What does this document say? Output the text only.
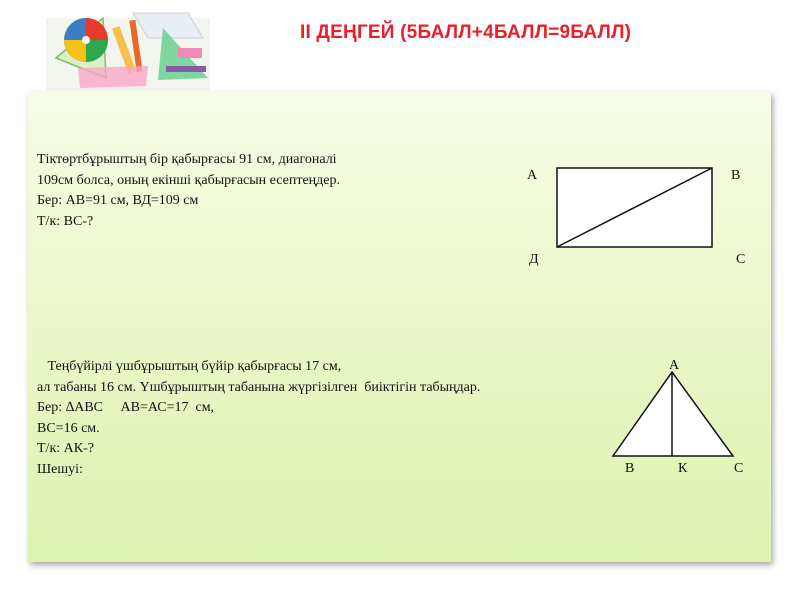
II ДЕҢГЕЙ (5БАЛЛ+4БАЛЛ=9БАЛЛ)
Тіктөртбұрыштың бір қабырғасы 91 см, диагоналі
109см болса, оның екінші қабырғасын есептеңдер.
Бер: АВ=91 см, ВД=109 см
Т/к: ВС-?
А	В
Д	С
Теңбүйірлі үшбұрыштың бүйір қабырғасы 17 см,
ал табаны 16 см. Үшбұрыштың табанына жүргізілген  биіктігін табыңдар.
Бер: ∆АВС     АВ=АС=17  см,
ВС=16 см.
Т/к: АК-?
Шешуі:
А
В	К	С
